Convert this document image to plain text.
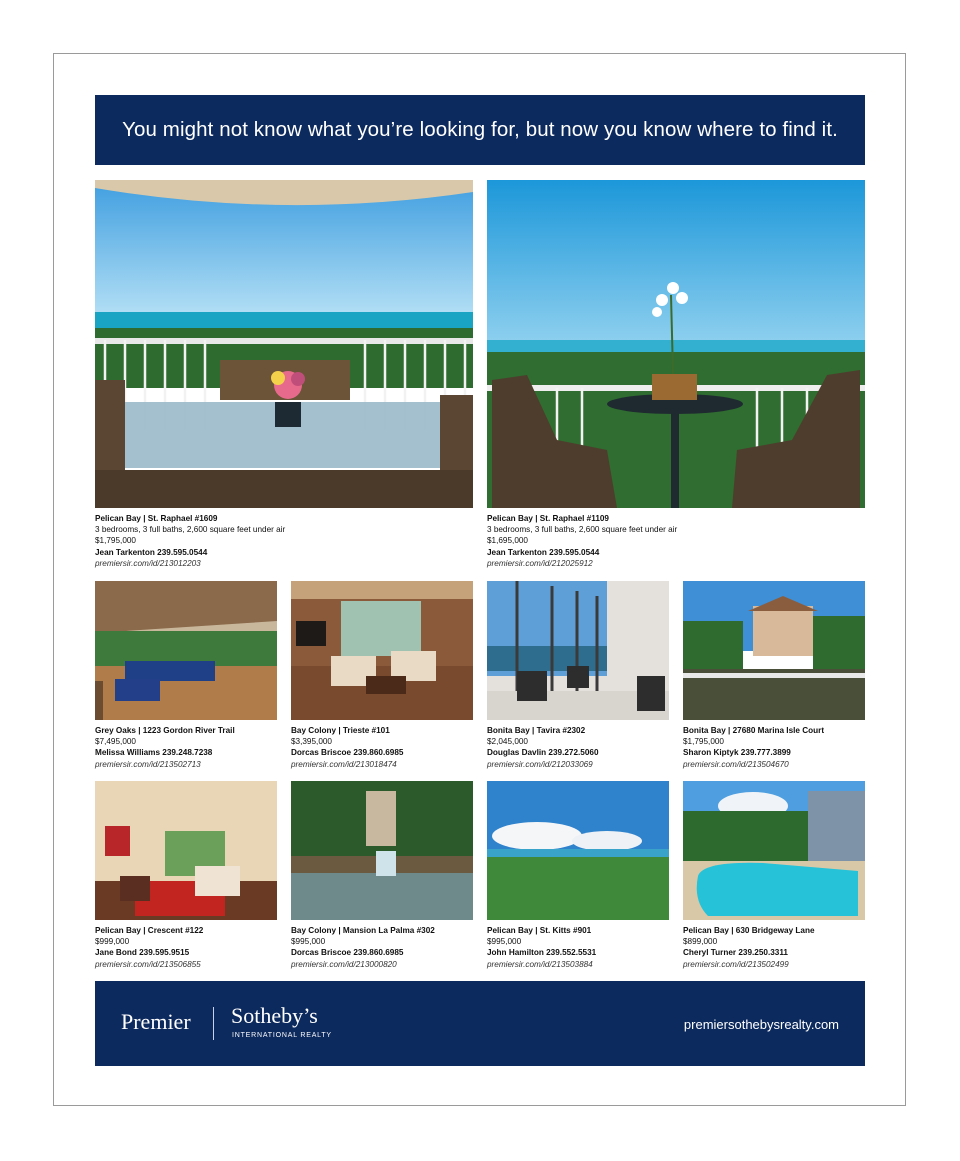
You might not know what you’re looking for, but now you know where to find it.
Pelican Bay | St. Raphael #1609
3 bedrooms, 3 full baths, 2,600 square feet under air
$1,795,000
Jean Tarkenton 239.595.0544
premiersir.com/id/213012203
Pelican Bay | St. Raphael #1109
3 bedrooms, 3 full baths, 2,600 square feet under air
$1,695,000
Jean Tarkenton 239.595.0544
premiersir.com/id/212025912
Grey Oaks | 1223 Gordon River Trail
$7,495,000
Melissa Williams 239.248.7238
premiersir.com/id/213502713
Bay Colony | Trieste #101
$3,395,000
Dorcas Briscoe 239.860.6985
premiersir.com/id/213018474
Bonita Bay | Tavira #2302
$2,045,000
Douglas Davlin 239.272.5060
premiersir.com/id/212033069
Bonita Bay | 27680 Marina Isle Court
$1,795,000
Sharon Kiptyk 239.777.3899
premiersir.com/id/213504670
Pelican Bay | Crescent #122
$999,000
Jane Bond 239.595.9515
premiersir.com/id/213506855
Bay Colony | Mansion La Palma #302
$995,000
Dorcas Briscoe 239.860.6985
premiersir.com/id/213000820
Pelican Bay | St. Kitts #901
$995,000
John Hamilton 239.552.5531
premiersir.com/id/213503884
Pelican Bay | 630 Bridgeway Lane
$899,000
Cheryl Turner 239.250.3311
premiersir.com/id/213502499
Premier Sotheby’s
INTERNATIONAL REALTY
premiersothebysrealty.com
